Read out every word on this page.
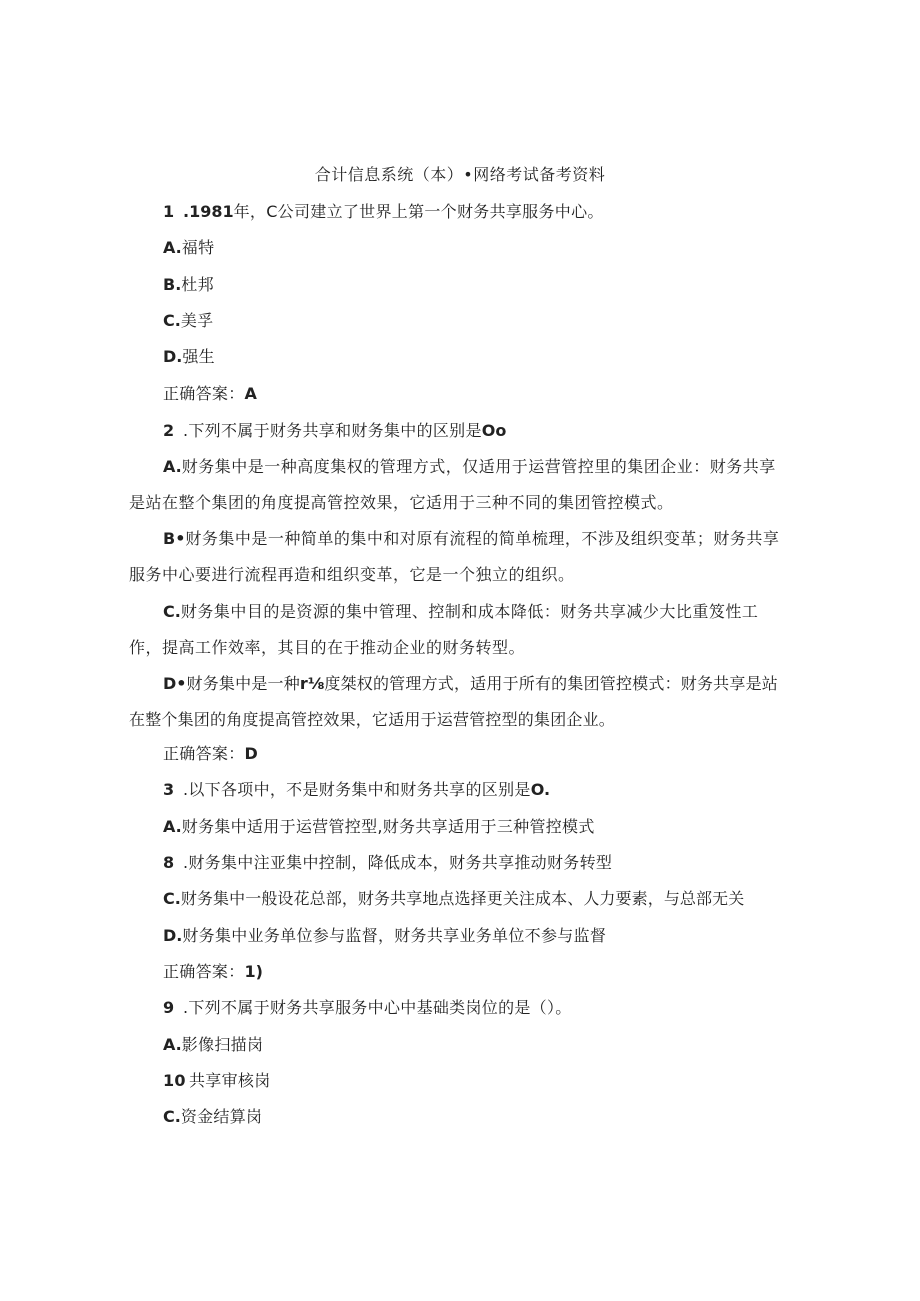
合计信息系统（本）•网络考试备考资料
1 .1981年，C公司建立了世界上第一个财务共享服务中心。
A.福特
B.杜邦
C.美孚
D.强生
正确答案：A
2 .下列不属于财务共享和财务集中的区别是Oo

A.财务集中是一种高度集权的管理方式，仅适用于运营管控里的集团企业：财务共享是站在整个集团的角度提高管控效果，它适用于三种不同的集团管控模式。

B•财务集中是一种简单的集中和对原有流程的简单梳理，不涉及组织变革；财务共享服务中心要进行流程再造和组织变革，它是一个独立的组织。

C.财务集中目的是资源的集中管理、控制和成本降低：财务共享减少大比重笈性工作，提高工作效率，其目的在于推动企业的财务转型。

D•财务集中是一种r⅛度桀权的管理方式，适用于所有的集团管控模式：财务共享是站在整个集团的角度提高管控效果，它适用于运营管控型的集团企业。

正确答案：D
3 .以下各项中，不是财务集中和财务共享的区别是O.
A.财务集中适用于运营管控型,财务共享适用于三种管控模式
8 .财务集中注亚集中控制，降低成本，财务共享推动财务转型
C.财务集中一般设花总部，财务共享地点选择更关注成本、人力要素，与总部无关
D.财务集中业务单位参与监督，财务共享业务单位不参与监督
正确答案：1)
9 .下列不属于财务共享服务中心中基础类岗位的是（）。
A.影像扫描岗
10 共享审核岗
C.资金结算岗
